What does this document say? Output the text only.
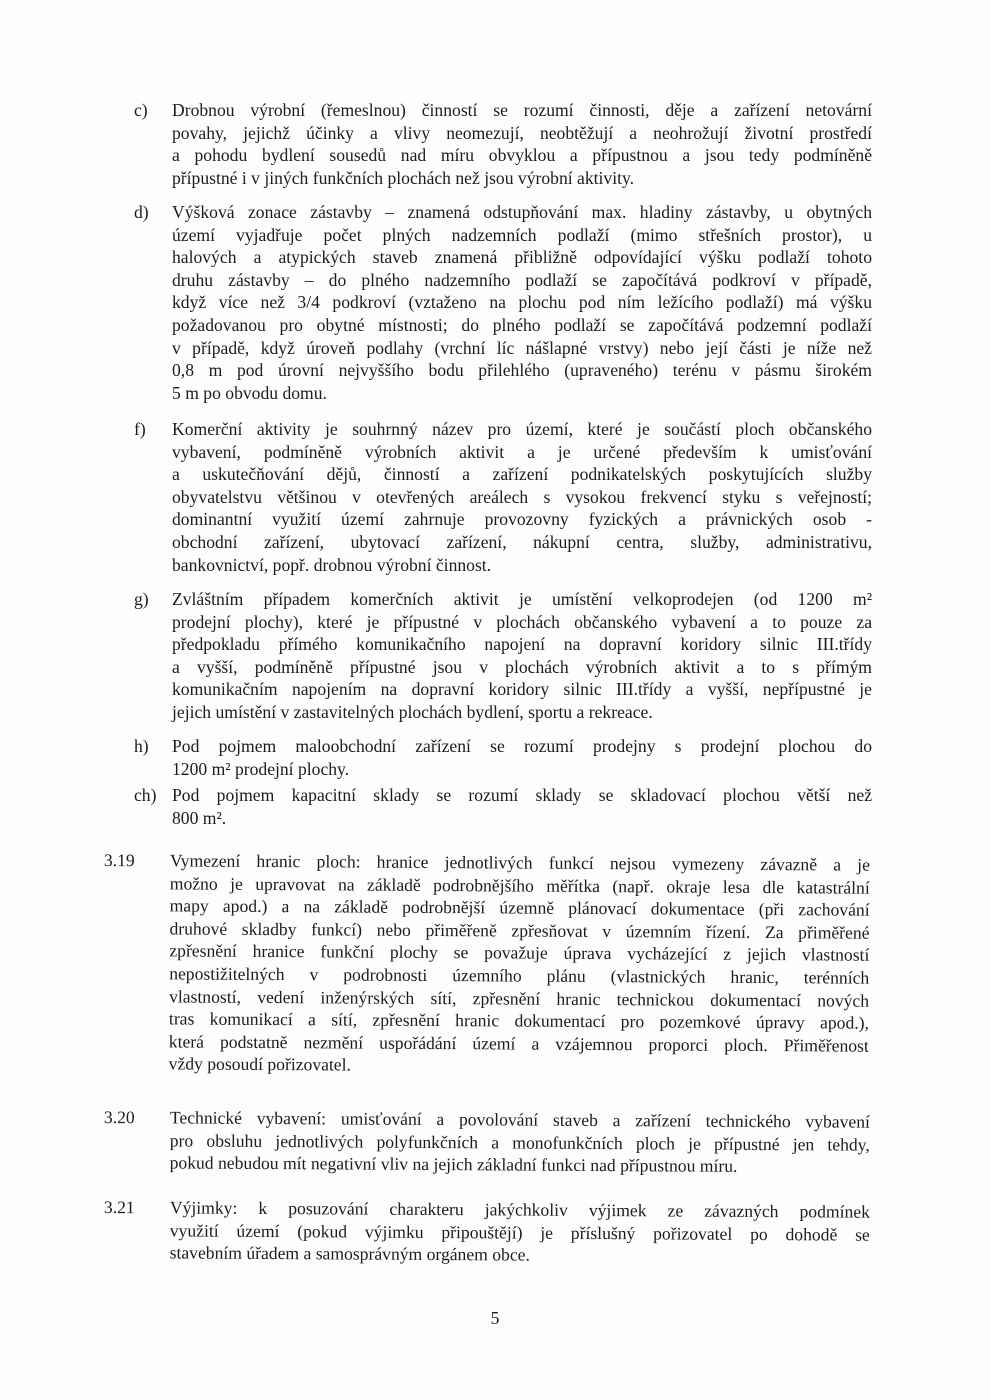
c) Drobnou výrobní (řemeslnou) činností se rozumí činnosti, děje a zařízení netovární
povahy, jejichž účinky a vlivy neomezují, neobtěžují a neohrožují životní prostředí
a pohodu bydlení sousedů nad míru obvyklou a přípustnou a jsou tedy podmíněně
přípustné i v jiných funkčních plochách než jsou výrobní aktivity.
d) Výšková zonace zástavby – znamená odstupňování max. hladiny zástavby, u obytných
území vyjadřuje počet plných nadzemních podlaží (mimo střešních prostor), u
halových a atypických staveb znamená přibližně odpovídající výšku podlaží tohoto
druhu zástavby – do plného nadzemního podlaží se započítává podkroví v případě,
když více než 3/4 podkroví (vztaženo na plochu pod ním ležícího podlaží) má výšku
požadovanou pro obytné místnosti; do plného podlaží se započítává podzemní podlaží
v případě, když úroveň podlahy (vrchní líc nášlapné vrstvy) nebo její části je níže než
0,8 m pod úrovní nejvyššího bodu přilehlého (upraveného) terénu v pásmu širokém
5 m po obvodu domu.
f) Komerční aktivity je souhrnný název pro území, které je součástí ploch občanského
vybavení, podmíněně výrobních aktivit a je určené především k umisťování
a uskutečňování dějů, činností a zařízení podnikatelských poskytujících služby
obyvatelstvu většinou v otevřených areálech s vysokou frekvencí styku s veřejností;
dominantní využití území zahrnuje provozovny fyzických a právnických osob -
obchodní zařízení, ubytovací zařízení, nákupní centra, služby, administrativu,
bankovnictví, popř. drobnou výrobní činnost.
g) Zvláštním případem komerčních aktivit je umístění velkoprodejen (od 1200 m²
prodejní plochy), které je přípustné v plochách občanského vybavení a to pouze za
předpokladu přímého komunikačního napojení na dopravní koridory silnic III.třídy
a vyšší, podmíněně přípustné jsou v plochách výrobních aktivit a to s přímým
komunikačním napojením na dopravní koridory silnic III.třídy a vyšší, nepřípustné je
jejich umístění v zastavitelných plochách bydlení, sportu a rekreace.
h) Pod pojmem maloobchodní zařízení se rozumí prodejny s prodejní plochou do
1200 m² prodejní plochy.
ch) Pod pojmem kapacitní sklady se rozumí sklady se skladovací plochou větší než
800 m².
3.19 Vymezení hranic ploch: hranice jednotlivých funkcí nejsou vymezeny závazně a je
možno je upravovat na základě podrobnějšího měřítka (např. okraje lesa dle katastrální
mapy apod.) a na základě podrobnější územně plánovací dokumentace (při zachování
druhové skladby funkcí) nebo přiměřeně zpřesňovat v územním řízení. Za přiměřené
zpřesnění hranice funkční plochy se považuje úprava vycházející z jejich vlastností
nepostižitelných v podrobnosti územního plánu (vlastnických hranic, terénních
vlastností, vedení inženýrských sítí, zpřesnění hranic technickou dokumentací nových
tras komunikací a sítí, zpřesnění hranic dokumentací pro pozemkové úpravy apod.),
která podstatně nezmění uspořádání území a vzájemnou proporci ploch. Přiměřenost
vždy posoudí pořizovatel.
3.20 Technické vybavení: umisťování a povolování staveb a zařízení technického vybavení
pro obsluhu jednotlivých polyfunkčních a monofunkčních ploch je přípustné jen tehdy,
pokud nebudou mít negativní vliv na jejich základní funkci nad přípustnou míru.
3.21 Výjimky: k posuzování charakteru jakýchkoliv výjimek ze závazných podmínek
využití území (pokud výjimku připouštějí) je příslušný pořizovatel po dohodě se
stavebním úřadem a samosprávným orgánem obce.
5
